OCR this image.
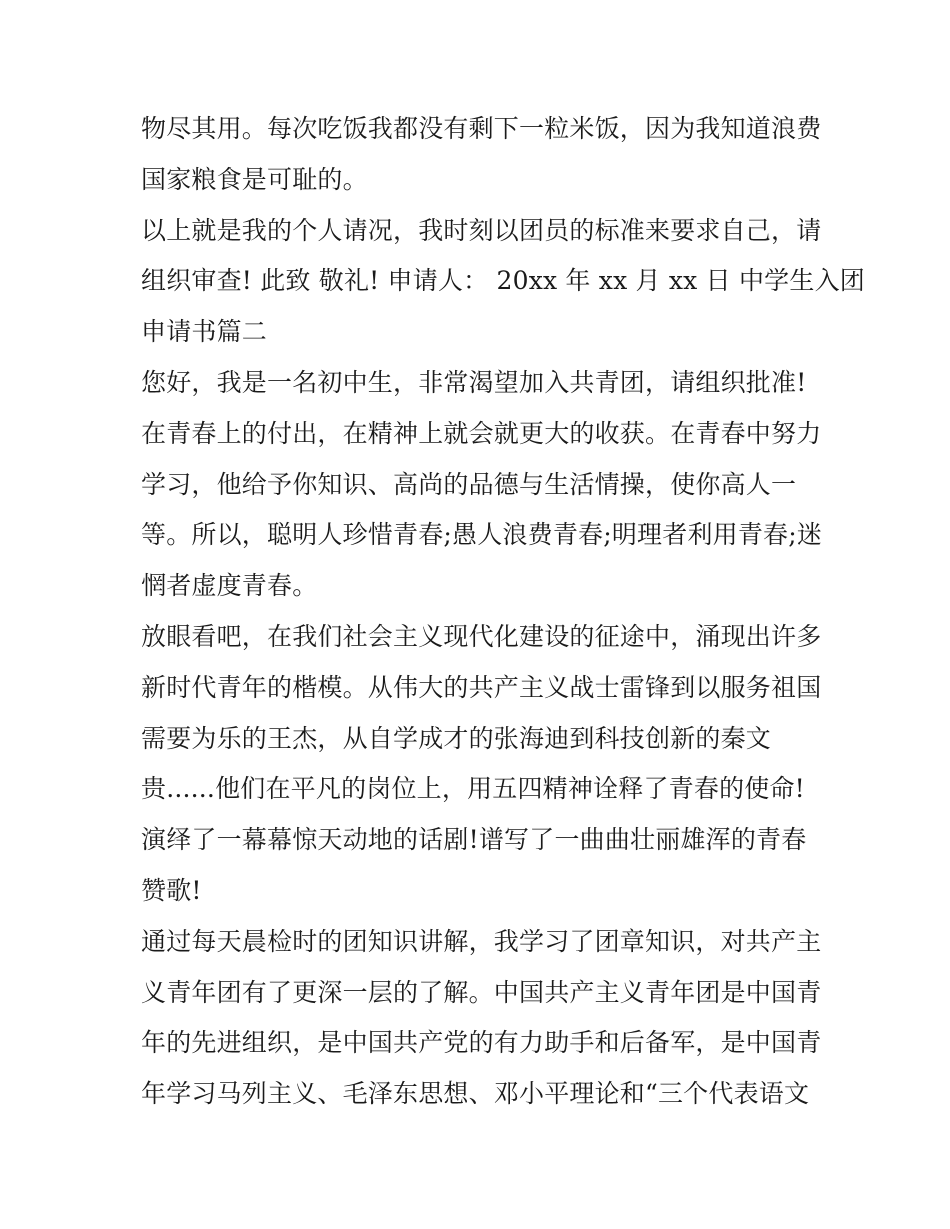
物尽其用。每次吃饭我都没有剩下一粒米饭，因为我知道浪费
国家粮食是可耻的。
以上就是我的个人请况，我时刻以团员的标准来要求自己，请
组织审查! 此致 敬礼! 申请人： 20xx 年 xx 月 xx 日 中学生入团
申请书篇二
您好，我是一名初中生，非常渴望加入共青团，请组织批准!
在青春上的付出，在精神上就会就更大的收获。在青春中努力
学习，他给予你知识、高尚的品德与生活情操，使你高人一
等。所以，聪明人珍惜青春;愚人浪费青春;明理者利用青春;迷
惘者虚度青春。
放眼看吧，在我们社会主义现代化建设的征途中，涌现出许多
新时代青年的楷模。从伟大的共产主义战士雷锋到以服务祖国
需要为乐的王杰，从自学成才的张海迪到科技创新的秦文
贵......他们在平凡的岗位上，用五四精神诠释了青春的使命!
演绎了一幕幕惊天动地的话剧!谱写了一曲曲壮丽雄浑的青春
赞歌!
通过每天晨检时的团知识讲解，我学习了团章知识，对共产主
义青年团有了更深一层的了解。中国共产主义青年团是中国青
年的先进组织，是中国共产党的有力助手和后备军，是中国青
年学习马列主义、毛泽东思想、邓小平理论和“三个代表语文
